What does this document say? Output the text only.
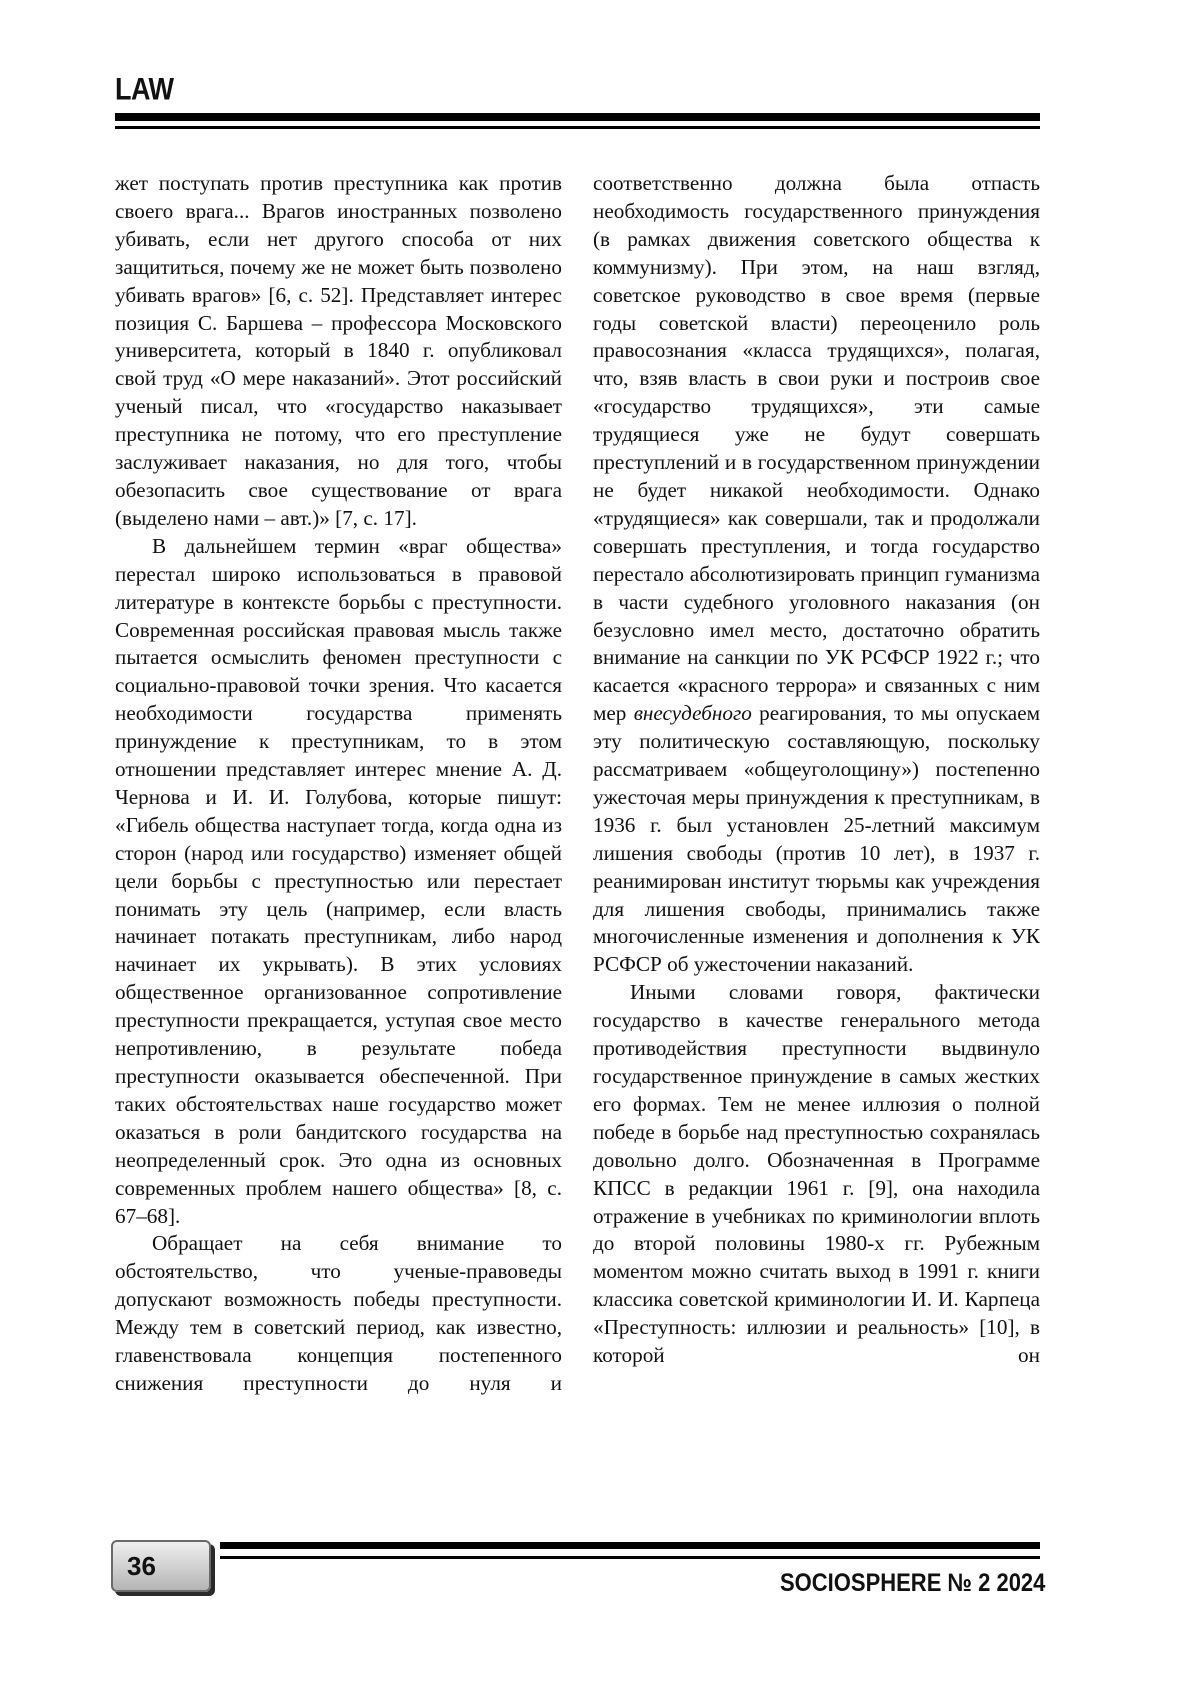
LAW

жет поступать против преступника как против своего врага... Врагов иностранных позволено убивать, если нет другого способа от них защититься, почему же не может быть позволено убивать врагов» [6, с. 52]. Представляет интерес позиция С. Баршева – профессора Московского университета, который в 1840 г. опубликовал свой труд «О мере наказаний». Этот российский ученый писал, что «государство наказывает преступника не потому, что его преступление заслуживает наказания, но для того, чтобы обезопасить свое существование от врага (выделено нами – авт.)» [7, с. 17].

В дальнейшем термин «враг общества» перестал широко использоваться в правовой литературе в контексте борьбы с преступности. Современная российская правовая мысль также пытается осмыслить феномен преступности с социально-правовой точки зрения. Что касается необходимости государства применять принуждение к преступникам, то в этом отношении представляет интерес мнение А. Д. Чернова и И. И. Голубова, которые пишут: «Гибель общества наступает тогда, когда одна из сторон (народ или государство) изменяет общей цели борьбы с преступностью или перестает понимать эту цель (например, если власть начинает потакать преступникам, либо народ начинает их укрывать). В этих условиях общественное организованное сопротивление преступности прекращается, уступая свое место непротивлению, в результате победа преступности оказывается обеспеченной. При таких обстоятельствах наше государство может оказаться в роли бандитского государства на неопределенный срок. Это одна из основных современных проблем нашего общества» [8, с. 67–68].

Обращает на себя внимание то обстоятельство, что ученые-правоведы допускают возможность победы преступности. Между тем в советский период, как известно, главенствовала концепция постепенного снижения преступности до нуля и

соответственно должна была отпасть необходимость государственного принуждения (в рамках движения советского общества к коммунизму). При этом, на наш взгляд, советское руководство в свое время (первые годы советской власти) переоценило роль правосознания «класса трудящихся», полагая, что, взяв власть в свои руки и построив свое «государство трудящихся», эти самые трудящиеся уже не будут совершать преступлений и в государственном принуждении не будет никакой необходимости. Однако «трудящиеся» как совершали, так и продолжали совершать преступления, и тогда государство перестало абсолютизировать принцип гуманизма в части судебного уголовного наказания (он безусловно имел место, достаточно обратить внимание на санкции по УК РСФСР 1922 г.; что касается «красного террора» и связанных с ним мер внесудебного реагирования, то мы опускаем эту политическую составляющую, поскольку рассматриваем «общеуголощину») постепенно ужесточая меры принуждения к преступникам, в 1936 г. был установлен 25-летний максимум лишения свободы (против 10 лет), в 1937 г. реанимирован институт тюрьмы как учреждения для лишения свободы, принимались также многочисленные изменения и дополнения к УК РСФСР об ужесточении наказаний.

Иными словами говоря, фактически государство в качестве генерального метода противодействия преступности выдвинуло государственное принуждение в самых жестких его формах. Тем не менее иллюзия о полной победе в борьбе над преступностью сохранялась довольно долго. Обозначенная в Программе КПСС в редакции 1961 г. [9], она находила отражение в учебниках по криминологии вплоть до второй половины 1980-х гг. Рубежным моментом можно считать выход в 1991 г. книги классика советской криминологии И. И. Карпеца «Преступность: иллюзии и реальность» [10], в которой он

36
SOCIOSPHERE № 2 2024
